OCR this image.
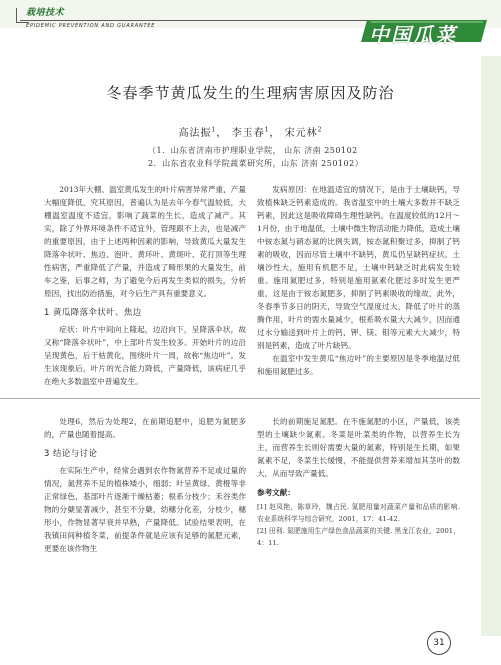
栽培技术
EPIDEMIC PREVENTION AND GUARANTEE	中国瓜菜
冬春季节黄瓜发生的生理病害原因及防治
高法振$^1$， 李玉春$^1$， 宋元林$^2$
（1．山东省济南市护理职业学院， 山东 济南 250102
2．山东省农业科学院蔬菜研究所，山东 济南 250102）

2013年大棚、温室黄瓜发生的叶片病害异常严重，产量大幅度降低，究其原因，普遍认为是去年今春气温较低，大棚温室温度不适宜，影响了蔬菜的生长，造成了减产。其实，除了外界环境条件不适宜外，管理跟不上去，也是减产的重要原因，由于上述两种因素的影响，导致黄瓜大量发生降落伞状叶、焦边、泡叶、黄环叶、黄斑叶、花打顶等生理性病害，严重降低了产量，并造成了畸形果的大量发生，前车之鉴，后事之师，为了避免今后再发生类似的损失，分析原因，找出防治措施，对今后生产具有重要意义。

1 黄瓜降落伞状叶、焦边

症状：叶片中间向上隆起，边沿向下，呈降落伞状，故又称“降落伞状叶”，中上部叶片发生较多。开始叶片的边沿呈现黄色，后干枯黄化，围绕叶片一周，故称“焦边叶”。发生该现象后，叶片的光合能力降低，产量降低，该病症几乎在绝大多数温室中普遍发生。

发病原因：在地温适宜的情况下，是由于土壤缺钙，导致植株缺乏钙素造成的。我省温室中的土壤大多数并不缺乏钙素，因此这是吸收障碍生理性缺钙。在温度较低的12月～1月份，由于地温低，土壤中微生物活动能力降低，造成土壤中铵态氮与硝态氮的比例失调，铵态氮积聚过多，抑制了钙素的吸收，因而尽管土壤中不缺钙，黄瓜仍呈缺钙症状。土壤沙性大，施用有机肥不足，土壤中钙缺乏时此病发生较重。施用氮肥过多，特别是施用氨素化肥过多时发生更严重，这是由于铵态氮肥多，抑制了钙素吸收的缘故，此外，冬春季节多日的阴天，导致空气湿度过大，降低了叶片的蒸腾作用，叶片的需水量减少，根系吸水量大大减少，因而通过水分输送到叶片上的钙、钾、镁、钼等元素大大减少，特别是钙素，造成了叶片缺钙。

在温室中发生黄瓜“焦边叶”的主要原因是冬季地温过低和施用氮肥过多。

处理6，然后为处理2，在前期追肥中，追肥为氮肥多的，产量也随着提高。

3 结论与讨论

在实际生产中，经常会遇到农作物氮营养不足或过量的情况，氮营养不足的植株矮小，细弱；叶呈黄绿、黄橙等非正常绿色，基部叶片逐渐干燥枯萎；根系分枝少；禾谷类作物的分蘖显著减少，甚至不分蘖，幼穗分化差，分枝少，穗形小，作物显著早衰并早熟，产量降低。试验结果表明，在我镇田间种植冬菜，前提条件就是应该有足够的氮肥元素，更要在该作物生

长的前期施足氮肥。在不施氮肥的小区，产量低，该类型的土壤缺少氮素。冬菜是叶菜类的作物，以营养生长为主，而营养生长则好需要大量的氮素，特别是生长期，如果氮素不足，冬菜生长缓慢，不能提供营养来增加其茎叶的数大，从而导致产量低。

参考文献：

[1] 赵凤艳，陈草玲，魏占民. 氮肥用量对蔬菜产量和品质的影响. 农业系统科学与综合研究，2001，17：41-42.

[2] 田利. 氮肥施用生产绿色食品蔬菜的关键. 黑龙江农业，2001，4：11.

31
